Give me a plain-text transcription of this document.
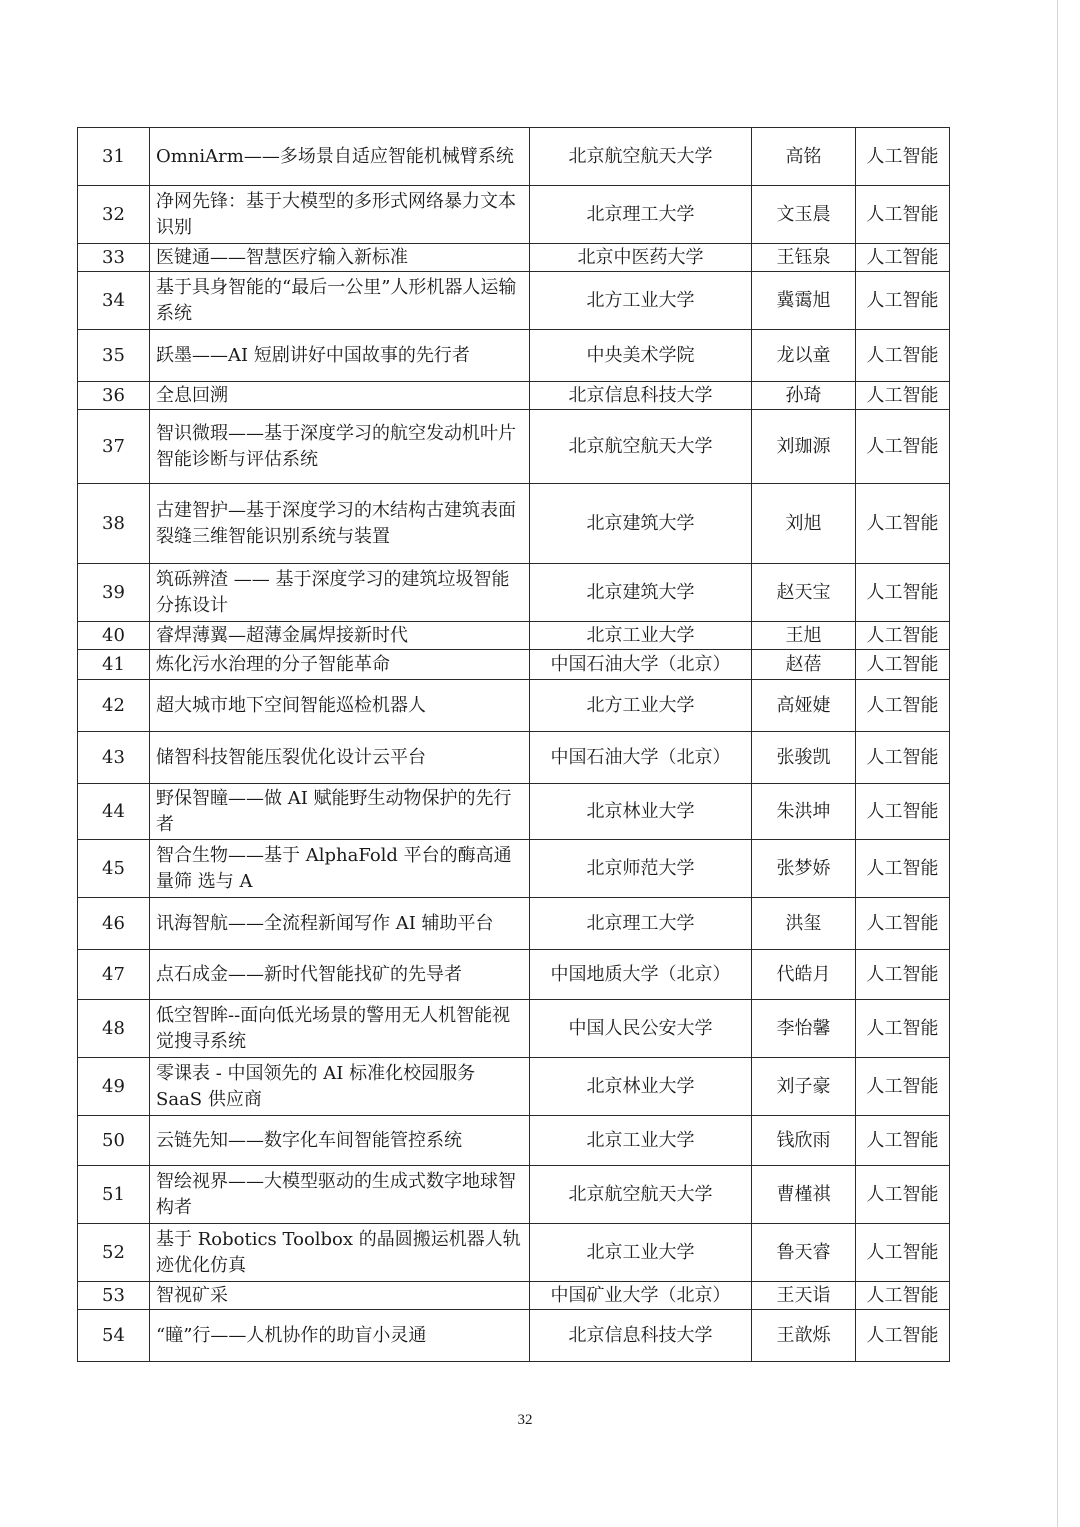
31	OmniArm——多场景自适应智能机械臂系统	北京航空航天大学	高铭	人工智能
32	净网先锋：基于大模型的多形式网络暴力文本识别	北京理工大学	文玉晨	人工智能
33	医键通——智慧医疗输入新标准	北京中医药大学	王钰泉	人工智能
34	基于具身智能的“最后一公里”人形机器人运输系统	北方工业大学	冀霭旭	人工智能
35	跃墨——AI 短剧讲好中国故事的先行者	中央美术学院	龙以童	人工智能
36	全息回溯	北京信息科技大学	孙琦	人工智能
37	智识微瑕——基于深度学习的航空发动机叶片智能诊断与评估系统	北京航空航天大学	刘珈源	人工智能
38	古建智护—基于深度学习的木结构古建筑表面 裂缝三维智能识别系统与装置	北京建筑大学	刘旭	人工智能
39	筑砾辨渣 —— 基于深度学习的建筑垃圾智能分拣设计	北京建筑大学	赵天宝	人工智能
40	睿焊薄翼—超薄金属焊接新时代	北京工业大学	王旭	人工智能
41	炼化污水治理的分子智能革命	中国石油大学（北京）	赵蓓	人工智能
42	超大城市地下空间智能巡检机器人	北方工业大学	高娅婕	人工智能
43	储智科技智能压裂优化设计云平台	中国石油大学（北京）	张骏凯	人工智能
44	野保智瞳——做 AI 赋能野生动物保护的先行者	北京林业大学	朱洪坤	人工智能
45	智合生物——基于 AlphaFold 平台的酶高通量筛 选与 A	北京师范大学	张梦娇	人工智能
46	讯海智航——全流程新闻写作 AI 辅助平台	北京理工大学	洪玺	人工智能
47	点石成金——新时代智能找矿的先导者	中国地质大学（北京）	代皓月	人工智能
48	低空智眸--面向低光场景的警用无人机智能视觉搜寻系统	中国人民公安大学	李怡馨	人工智能
49	零课表 - 中国领先的 AI 标准化校园服务 SaaS 供应商	北京林业大学	刘子豪	人工智能
50	云链先知——数字化车间智能管控系统	北京工业大学	钱欣雨	人工智能
51	智绘视界——大模型驱动的生成式数字地球智构者	北京航空航天大学	曹槿祺	人工智能
52	基于 Robotics Toolbox 的晶圆搬运机器人轨迹优化仿真	北京工业大学	鲁天睿	人工智能
53	智视矿采	中国矿业大学（北京）	王天诣	人工智能
54	“瞳”行——人机协作的助盲小灵通	北京信息科技大学	王歆烁	人工智能
32
